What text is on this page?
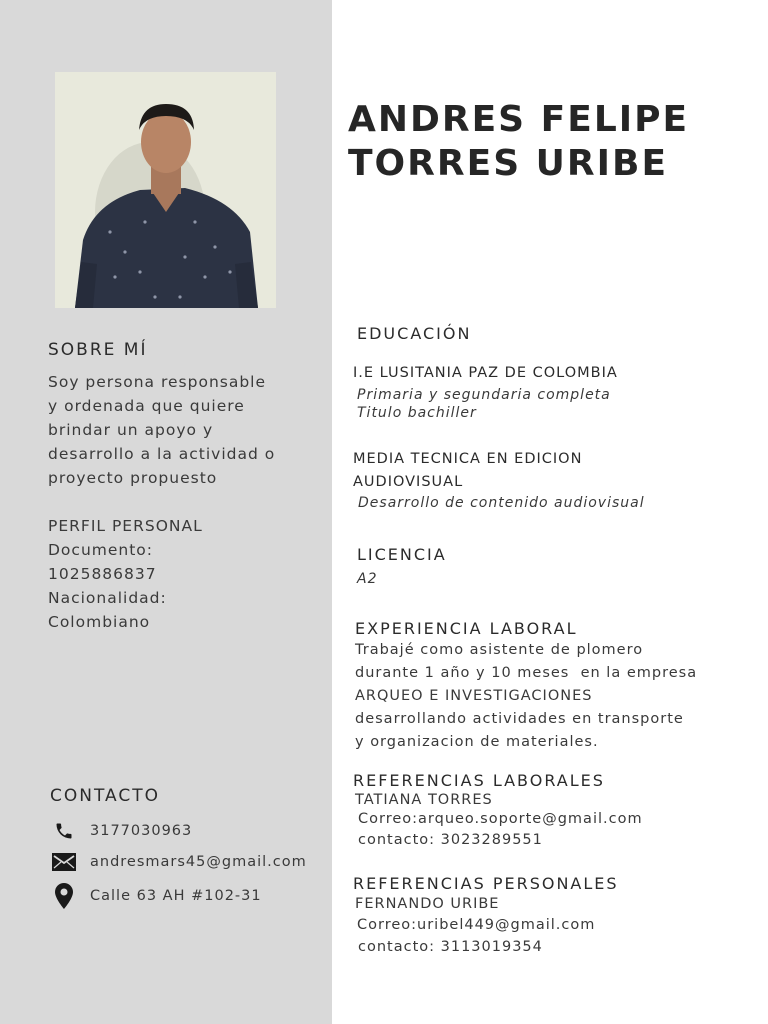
SOBRE MÍ

Soy persona responsable
y ordenada que quiere
brindar un apoyo y
desarrollo a la actividad o
proyecto propuesto

PERFIL PERSONAL
Documento:
1025886837
Nacionalidad:
Colombiano

CONTACTO
3177030963
andresmars45@gmail.com
Calle 63 AH #102-31
ANDRES FELIPE
TORRES URIBE
EDUCACIÓN

I.E LUSITANIA PAZ DE COLOMBIA

Primaria y segundaria completa
Titulo bachiller

MEDIA TECNICA EN EDICION
AUDIOVISUAL

Desarrollo de contenido audiovisual

LICENCIA

A2

EXPERIENCIA LABORAL

Trabajé como asistente de plomero
durante 1 año y 10 meses  en la empresa
ARQUEO E INVESTIGACIONES
desarrollando actividades en transporte
y organizacion de materiales.

REFERENCIAS LABORALES

TATIANA TORRES

Correo:arqueo.soporte@gmail.com

contacto: 3023289551

REFERENCIAS PERSONALES

FERNANDO URIBE

Correo:uribel449@gmail.com

contacto: 3113019354
